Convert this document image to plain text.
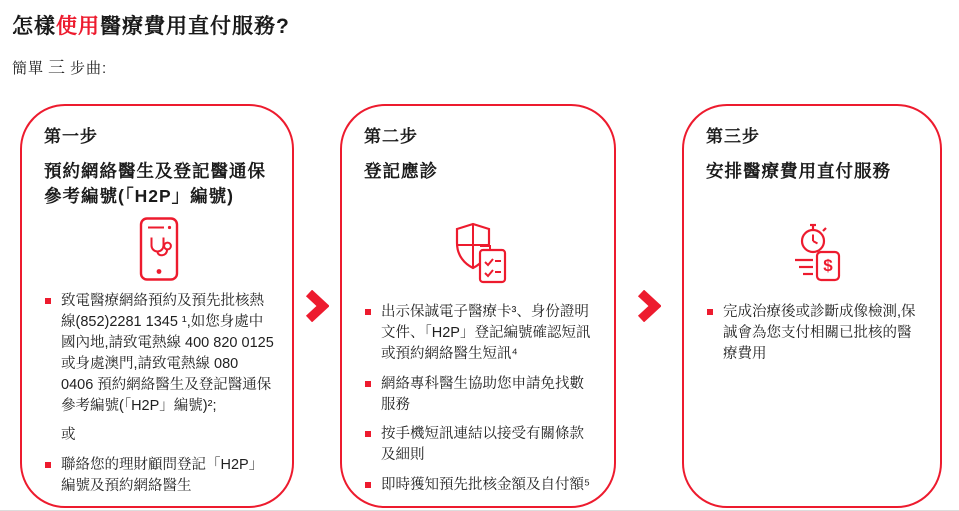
怎樣使用醫療費用直付服務?

簡單 三 步曲:

第一步
預約網絡醫生及登記醫通保參考編號(「H2P」編號)
致電醫療網絡預約及預先批核熱線(852)2281 1345 ¹,如您身處中國內地,請致電熱線 400 820 0125或身處澳門,請致電熱線 080 0406 預約網絡醫生及登記醫通保參考編號(「H2P」編號)²;
或
聯絡您的理財顧問登記「H2P」編號及預約網絡醫生
第二步
登記應診
出示保誠電子醫療卡³、身份證明文件、「H2P」登記編號確認短訊或預約網絡醫生短訊⁴
網絡專科醫生協助您申請免找數服務
按手機短訊連結以接受有關條款及細則
即時獲知預先批核金額及自付額⁵
第三步
安排醫療費用直付服務
$
完成治療後或診斷成像檢測,保誠會為您支付相關已批核的醫療費用
